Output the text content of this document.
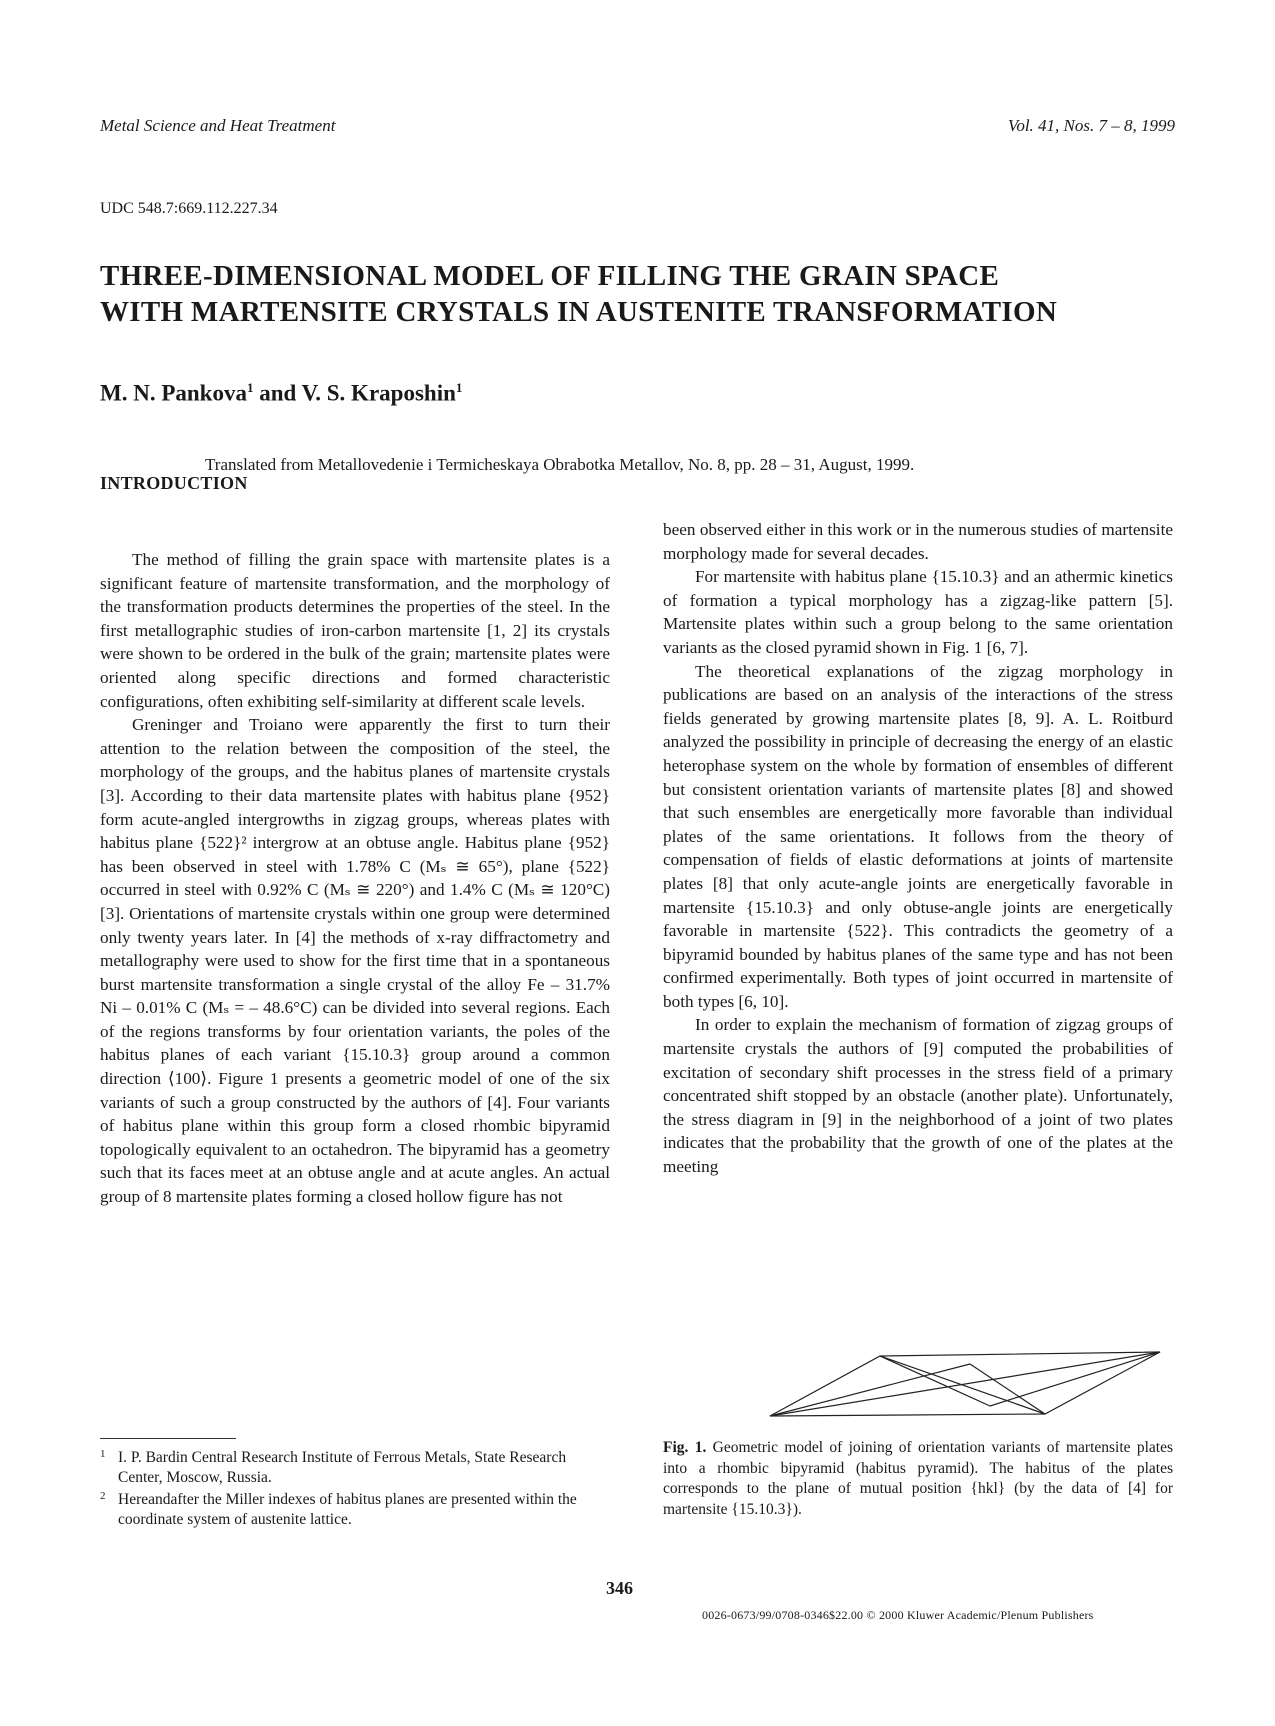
Metal Science and Heat Treatment	Vol. 41, Nos. 7 – 8, 1999
UDC 548.7:669.112.227.34
THREE-DIMENSIONAL MODEL OF FILLING THE GRAIN SPACE
WITH MARTENSITE CRYSTALS IN AUSTENITE TRANSFORMATION
M. N. Pankova$^1$ and V. S. Kraposhin$^1$
Translated from Metallovedenie i Termicheskaya Obrabotka Metallov, No. 8, pp. 28 – 31, August, 1999.
INTRODUCTION

The method of filling the grain space with martensite plates is a significant feature of martensite transformation, and the morphology of the transformation products determines the properties of the steel. In the first metallographic studies of iron-carbon martensite [1, 2] its crystals were shown to be ordered in the bulk of the grain; martensite plates were oriented along specific directions and formed characteristic configurations, often exhibiting self-similarity at different scale levels.

Greninger and Troiano were apparently the first to turn their attention to the relation between the composition of the steel, the morphology of the groups, and the habitus planes of martensite crystals [3]. According to their data martensite plates with habitus plane {952} form acute-angled intergrowths in zigzag groups, whereas plates with habitus plane {522}² intergrow at an obtuse angle. Habitus plane {952} has been observed in steel with 1.78% C (Mₛ ≅ 65°), plane {522} occurred in steel with 0.92% C (Mₛ ≅ 220°) and 1.4% C (Mₛ ≅ 120°C) [3]. Orientations of martensite crystals within one group were determined only twenty years later. In [4] the methods of x-ray diffractometry and metallography were used to show for the first time that in a spontaneous burst martensite transformation a single crystal of the alloy Fe – 31.7% Ni – 0.01% C (Mₛ = – 48.6°C) can be divided into several regions. Each of the regions transforms by four orientation variants, the poles of the habitus planes of each variant {15.10.3} group around a common direction ⟨100⟩. Figure 1 presents a geometric model of one of the six variants of such a group constructed by the authors of [4]. Four variants of habitus plane within this group form a closed rhombic bipyramid topologically equivalent to an octahedron. The bipyramid has a geometry such that its faces meet at an obtuse angle and at acute angles. An actual group of 8 martensite plates forming a closed hollow figure has not

been observed either in this work or in the numerous studies of martensite morphology made for several decades.

For martensite with habitus plane {15.10.3} and an athermic kinetics of formation a typical morphology has a zigzag-like pattern [5]. Martensite plates within such a group belong to the same orientation variants as the closed pyramid shown in Fig. 1 [6, 7].

The theoretical explanations of the zigzag morphology in publications are based on an analysis of the interactions of the stress fields generated by growing martensite plates [8, 9]. A. L. Roitburd analyzed the possibility in principle of decreasing the energy of an elastic heterophase system on the whole by formation of ensembles of different but consistent orientation variants of martensite plates [8] and showed that such ensembles are energetically more favorable than individual plates of the same orientations. It follows from the theory of compensation of fields of elastic deformations at joints of martensite plates [8] that only acute-angle joints are energetically favorable in martensite {15.10.3} and only obtuse-angle joints are energetically favorable in martensite {522}. This contradicts the geometry of a bipyramid bounded by habitus planes of the same type and has not been confirmed experimentally. Both types of joint occurred in martensite of both types [6, 10].

In order to explain the mechanism of formation of zigzag groups of martensite crystals the authors of [9] computed the probabilities of excitation of secondary shift processes in the stress field of a primary concentrated shift stopped by an obstacle (another plate). Unfortunately, the stress diagram in [9] in the neighborhood of a joint of two plates indicates that the probability that the growth of one of the plates at the meeting

Fig. 1. Geometric model of joining of orientation variants of martensite plates into a rhombic bipyramid (habitus pyramid). The habitus of the plates corresponds to the plane of mutual position {hkl} (by the data of [4] for martensite {15.10.3}).
1 I. P. Bardin Central Research Institute of Ferrous Metals, State Research Center, Moscow, Russia.
2 Hereandafter the Miller indexes of habitus planes are presented within the coordinate system of austenite lattice.
346
0026-0673/99/0708-0346$22.00 © 2000 Kluwer Academic/Plenum Publishers
